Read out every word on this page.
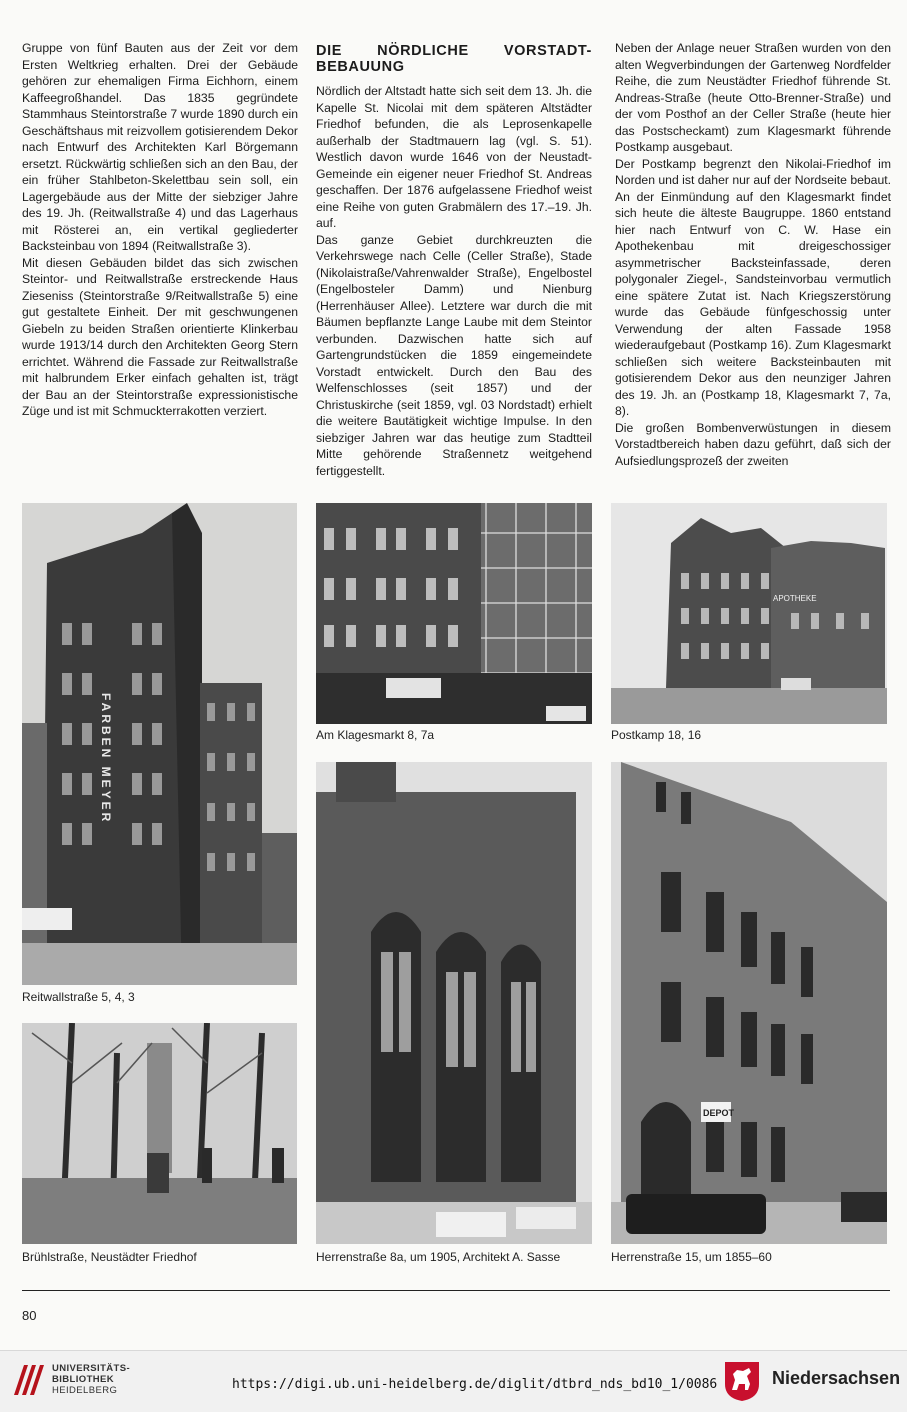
Gruppe von fünf Bauten aus der Zeit vor dem Ersten Weltkrieg erhalten. Drei der Gebäude gehören zur ehemaligen Firma Eichhorn, einem Kaffeegroßhandel. Das 1835 gegründete Stammhaus Steintorstraße 7 wurde 1890 durch ein Geschäftshaus mit reizvollem gotisierendem Dekor nach Entwurf des Architekten Karl Börgemann ersetzt. Rückwärtig schließen sich an den Bau, der ein früher Stahlbeton-Skelettbau sein soll, ein Lagergebäude aus der Mitte der siebziger Jahre des 19. Jh. (Reitwallstraße 4) und das Lagerhaus mit Rösterei an, ein vertikal gegliederter Backsteinbau von 1894 (Reitwallstraße 3).

Mit diesen Gebäuden bildet das sich zwischen Steintor- und Reitwallstraße erstreckende Haus Zieseniss (Steintorstraße 9/Reitwallstraße 5) eine gut gestaltete Einheit. Der mit geschwungenen Giebeln zu beiden Straßen orientierte Klinkerbau wurde 1913/14 durch den Architekten Georg Stern errichtet. Während die Fassade zur Reitwallstraße mit halbrundem Erker einfach gehalten ist, trägt der Bau an der Steintorstraße expressionistische Züge und ist mit Schmuckterrakotten verziert.

DIE NÖRDLICHE VORSTADT-BEBAUUNG

Nördlich der Altstadt hatte sich seit dem 13. Jh. die Kapelle St. Nicolai mit dem späteren Altstädter Friedhof befunden, die als Leprosenkapelle außerhalb der Stadtmauern lag (vgl. S. 51). Westlich davon wurde 1646 von der Neustadt-Gemeinde ein eigener neuer Friedhof St. Andreas geschaffen. Der 1876 aufgelassene Friedhof weist eine Reihe von guten Grabmälern des 17.–19. Jh. auf.

Das ganze Gebiet durchkreuzten die Verkehrswege nach Celle (Celler Straße), Stade (Nikolaistraße/Vahrenwalder Straße), Engelbostel (Engelbosteler Damm) und Nienburg (Herrenhäuser Allee). Letztere war durch die mit Bäumen bepflanzte Lange Laube mit dem Steintor verbunden. Dazwischen hatte sich auf Gartengrundstücken die 1859 eingemeindete Vorstadt entwickelt. Durch den Bau des Welfenschlosses (seit 1857) und der Christuskirche (seit 1859, vgl. 03 Nordstadt) erhielt die weitere Bautätigkeit wichtige Impulse. In den siebziger Jahren war das heutige zum Stadtteil Mitte gehörende Straßennetz weitgehend fertiggestellt.

Neben der Anlage neuer Straßen wurden von den alten Wegverbindungen der Gartenweg Nordfelder Reihe, die zum Neustädter Friedhof führende St. Andreas-Straße (heute Otto-Brenner-Straße) und der vom Posthof an der Celler Straße (heute hier das Postscheckamt) zum Klagesmarkt führende Postkamp ausgebaut.

Der Postkamp begrenzt den Nikolai-Friedhof im Norden und ist daher nur auf der Nordseite bebaut. An der Einmündung auf den Klagesmarkt findet sich heute die älteste Baugruppe. 1860 entstand hier nach Entwurf von C. W. Hase ein Apothekenbau mit dreigeschossiger asymmetrischer Backsteinfassade, deren polygonaler Ziegel-, Sandsteinvorbau vermutlich eine spätere Zutat ist. Nach Kriegszerstörung wurde das Gebäude fünfgeschossig unter Verwendung der alten Fassade 1958 wiederaufgebaut (Postkamp 16). Zum Klagesmarkt schließen sich weitere Backsteinbauten mit gotisierendem Dekor aus den neunziger Jahren des 19. Jh. an (Postkamp 18, Klagesmarkt 7, 7a, 8).

Die großen Bombenverwüstungen in diesem Vorstadtbereich haben dazu geführt, daß sich der Aufsiedlungsprozeß der zweiten

FARBEN MEYER
Reitwallstraße 5, 4, 3
Am Klagesmarkt 8, 7a
APOTHEKE
Postkamp 18, 16
Brühlstraße, Neustädter Friedhof	Herrenstraße 8a, um 1905, Architekt A. Sasse
DEPOT
Herrenstraße 15, um 1855–60
80
UNIVERSITÄTS-
BIBLIOTHEK
HEIDELBERG	https://digi.ub.uni-heidelberg.de/diglit/dtbrd_nds_bd10_1/0086	Niedersachsen
